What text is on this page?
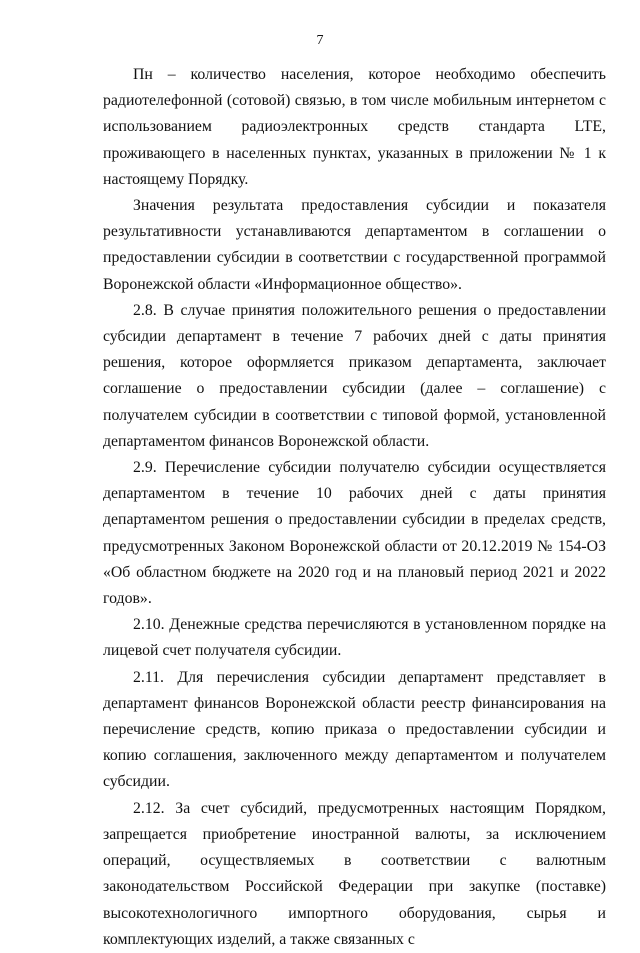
7

Пн – количество населения, которое необходимо обеспечить радиотелефонной (сотовой) связью, в том числе мобильным интернетом с использованием радиоэлектронных средств стандарта LTE, проживающего в населенных пунктах, указанных в приложении № 1 к настоящему Порядку.

Значения результата предоставления субсидии и показателя результативности устанавливаются департаментом в соглашении о предоставлении субсидии в соответствии с государственной программой Воронежской области «Информационное общество».

2.8. В случае принятия положительного решения о предоставлении субсидии департамент в течение 7 рабочих дней с даты принятия решения, которое оформляется приказом департамента, заключает соглашение о предоставлении субсидии (далее – соглашение) с получателем субсидии в соответствии с типовой формой, установленной департаментом финансов Воронежской области.

2.9. Перечисление субсидии получателю субсидии осуществляется департаментом в течение 10 рабочих дней с даты принятия департаментом решения о предоставлении субсидии в пределах средств, предусмотренных Законом Воронежской области от 20.12.2019 № 154-ОЗ «Об областном бюджете на 2020 год и на плановый период 2021 и 2022 годов».

2.10. Денежные средства перечисляются в установленном порядке на лицевой счет получателя субсидии.

2.11. Для перечисления субсидии департамент представляет в департамент финансов Воронежской области реестр финансирования на перечисление средств, копию приказа о предоставлении субсидии и копию соглашения, заключенного между департаментом и получателем субсидии.

2.12. За счет субсидий, предусмотренных настоящим Порядком, запрещается приобретение иностранной валюты, за исключением операций, осуществляемых в соответствии с валютным законодательством Российской Федерации при закупке (поставке) высокотехнологичного импортного оборудования, сырья и комплектующих изделий, а также связанных с
